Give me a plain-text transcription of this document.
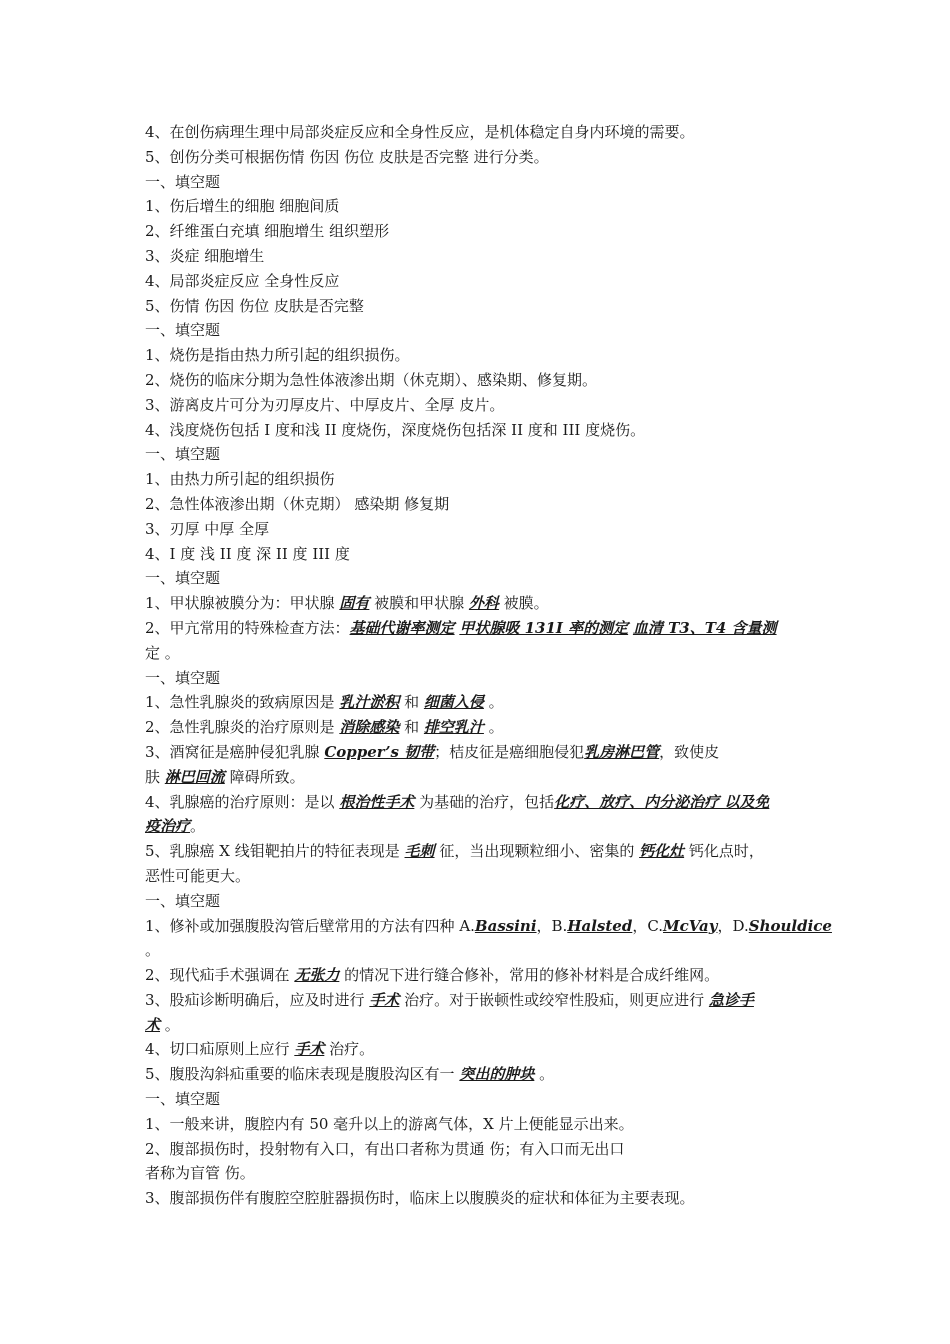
4、在创伤病理生理中局部炎症反应和全身性反应，是机体稳定自身内环境的需要。
5、创伤分类可根据伤情 伤因 伤位 皮肤是否完整 进行分类。
一、填空题
1、伤后增生的细胞 细胞间质
2、纤维蛋白充填 细胞增生 组织塑形
3、炎症 细胞增生
4、局部炎症反应 全身性反应
5、伤情 伤因 伤位 皮肤是否完整
一、填空题
1、烧伤是指由热力所引起的组织损伤。
2、烧伤的临床分期为急性体液渗出期（休克期）、感染期、修复期。
3、游离皮片可分为刃厚皮片、中厚皮片、全厚 皮片。
4、浅度烧伤包括 I 度和浅 II 度烧伤，深度烧伤包括深 II 度和 III 度烧伤。
一、填空题
1、由热力所引起的组织损伤
2、急性体液渗出期（休克期） 感染期 修复期
3、刃厚 中厚 全厚
4、I 度 浅 II 度 深 II 度 III 度
一、填空题
1、甲状腺被膜分为：甲状腺 固有 被膜和甲状腺 外科 被膜。
2、甲亢常用的特殊检查方法：基础代谢率测定 甲状腺吸 131I 率的测定 血清 T3、T4 含量测
定 。
一、填空题
1、急性乳腺炎的致病原因是 乳汁淤积 和 细菌入侵 。
2、急性乳腺炎的治疗原则是 消除感染 和 排空乳汁 。
3、酒窝征是癌肿侵犯乳腺 Copper’s 韧带；桔皮征是癌细胞侵犯乳房淋巴管，致使皮
肤 淋巴回流 障碍所致。
4、乳腺癌的治疗原则：是以 根治性手术 为基础的治疗，包括化疗、放疗、内分泌治疗 以及免
疫治疗。
5、乳腺癌 X 线钼靶拍片的特征表现是 毛刺 征，当出现颗粒细小、密集的 钙化灶 钙化点时，
恶性可能更大。
一、填空题
1、修补或加强腹股沟管后壁常用的方法有四种 A.Bassini，B.Halsted，C.McVay，D.Shouldice
。
2、现代疝手术强调在 无张力 的情况下进行缝合修补，常用的修补材料是合成纤维网。
3、股疝诊断明确后，应及时进行 手术 治疗。对于嵌顿性或绞窄性股疝，则更应进行 急诊手
术 。
4、切口疝原则上应行 手术 治疗。
5、腹股沟斜疝重要的临床表现是腹股沟区有一 突出的肿块 。
一、填空题
1、一般来讲，腹腔内有 50 毫升以上的游离气体，X 片上便能显示出来。
2、腹部损伤时，投射物有入口，有出口者称为贯通 伤；有入口而无出口
者称为盲管 伤。
3、腹部损伤伴有腹腔空腔脏器损伤时，临床上以腹膜炎的症状和体征为主要表现。
